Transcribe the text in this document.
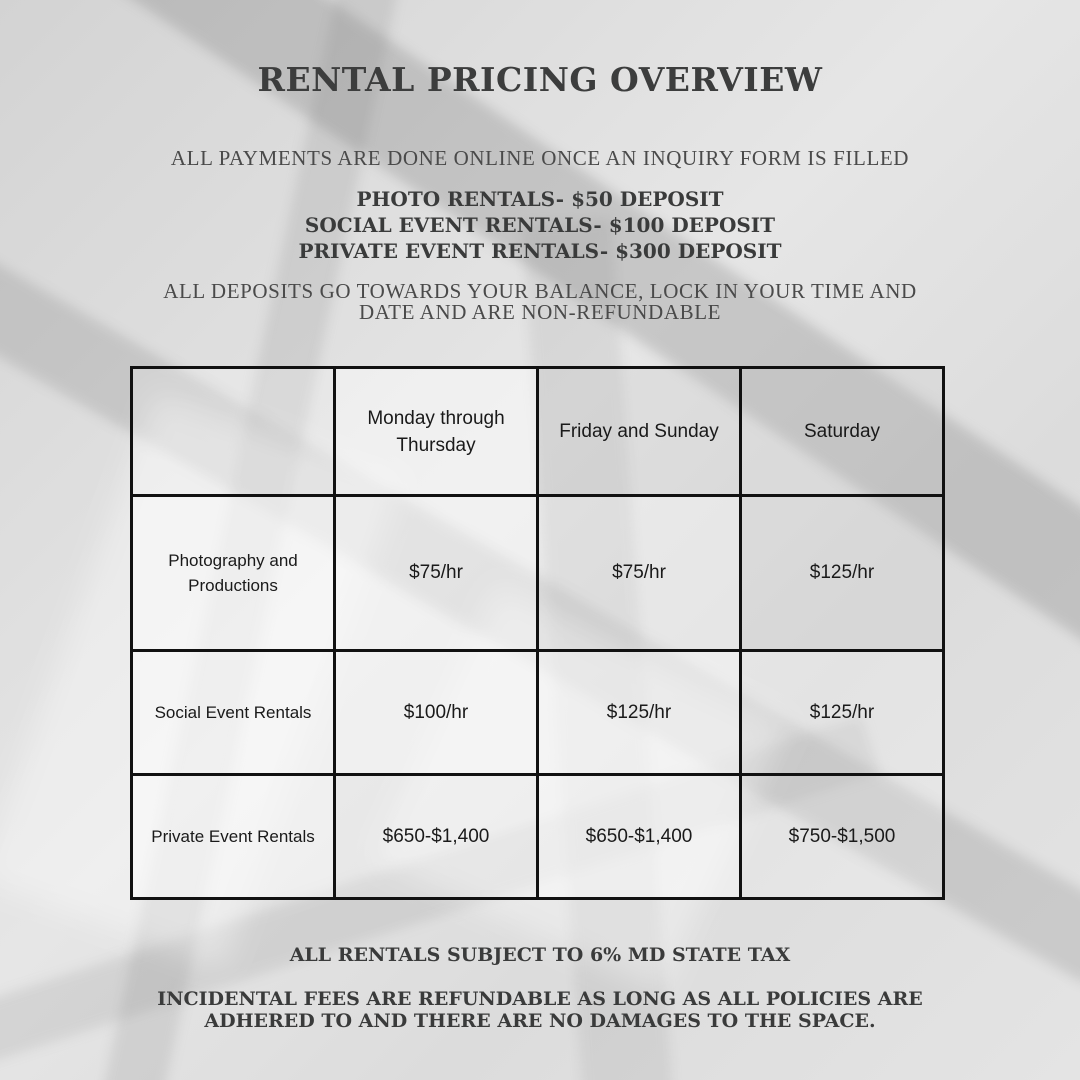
RENTAL PRICING OVERVIEW
ALL PAYMENTS ARE DONE ONLINE ONCE AN INQUIRY FORM IS FILLED
PHOTO RENTALS- $50 DEPOSIT
SOCIAL EVENT RENTALS- $100 DEPOSIT
PRIVATE EVENT RENTALS- $300 DEPOSIT
ALL DEPOSITS GO TOWARDS YOUR BALANCE, LOCK IN YOUR TIME AND DATE AND ARE NON-REFUNDABLE
	Monday through Thursday	Friday and Sunday	Saturday
Photography and Productions	$75/hr	$75/hr	$125/hr
Social Event Rentals	$100/hr	$125/hr	$125/hr
Private Event Rentals	$650-$1,400	$650-$1,400	$750-$1,500
ALL RENTALS SUBJECT TO 6% MD STATE TAX
INCIDENTAL FEES ARE REFUNDABLE AS LONG AS ALL POLICIES ARE ADHERED TO AND THERE ARE NO DAMAGES TO THE SPACE.
